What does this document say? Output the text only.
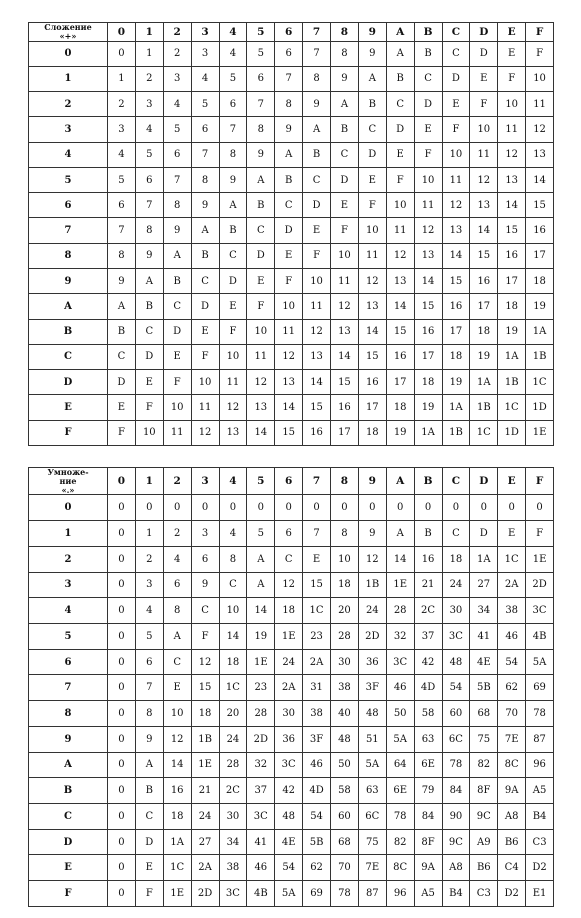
Сложение
«+»	0	1	2	3	4	5	6	7	8	9	A	B	C	D	E	F
0	0	1	2	3	4	5	6	7	8	9	A	B	C	D	E	F
1	1	2	3	4	5	6	7	8	9	A	B	C	D	E	F	10
2	2	3	4	5	6	7	8	9	A	B	C	D	E	F	10	11
3	3	4	5	6	7	8	9	A	B	C	D	E	F	10	11	12
4	4	5	6	7	8	9	A	B	C	D	E	F	10	11	12	13
5	5	6	7	8	9	A	B	C	D	E	F	10	11	12	13	14
6	6	7	8	9	A	B	C	D	E	F	10	11	12	13	14	15
7	7	8	9	A	B	C	D	E	F	10	11	12	13	14	15	16
8	8	9	A	B	C	D	E	F	10	11	12	13	14	15	16	17
9	9	A	B	C	D	E	F	10	11	12	13	14	15	16	17	18
A	A	B	C	D	E	F	10	11	12	13	14	15	16	17	18	19
B	B	C	D	E	F	10	11	12	13	14	15	16	17	18	19	1A
C	C	D	E	F	10	11	12	13	14	15	16	17	18	19	1A	1B
D	D	E	F	10	11	12	13	14	15	16	17	18	19	1A	1B	1C
E	E	F	10	11	12	13	14	15	16	17	18	19	1A	1B	1C	1D
F	F	10	11	12	13	14	15	16	17	18	19	1A	1B	1C	1D	1E
Умноже-
ние
«.»	0	1	2	3	4	5	6	7	8	9	A	B	C	D	E	F
0	0	0	0	0	0	0	0	0	0	0	0	0	0	0	0	0
1	0	1	2	3	4	5	6	7	8	9	A	B	C	D	E	F
2	0	2	4	6	8	A	C	E	10	12	14	16	18	1A	1C	1E
3	0	3	6	9	C	A	12	15	18	1B	1E	21	24	27	2A	2D
4	0	4	8	C	10	14	18	1C	20	24	28	2C	30	34	38	3C
5	0	5	A	F	14	19	1E	23	28	2D	32	37	3C	41	46	4B
6	0	6	C	12	18	1E	24	2A	30	36	3C	42	48	4E	54	5A
7	0	7	E	15	1C	23	2A	31	38	3F	46	4D	54	5B	62	69
8	0	8	10	18	20	28	30	38	40	48	50	58	60	68	70	78
9	0	9	12	1B	24	2D	36	3F	48	51	5A	63	6C	75	7E	87
A	0	A	14	1E	28	32	3C	46	50	5A	64	6E	78	82	8C	96
B	0	B	16	21	2C	37	42	4D	58	63	6E	79	84	8F	9A	A5
C	0	C	18	24	30	3C	48	54	60	6C	78	84	90	9C	A8	B4
D	0	D	1A	27	34	41	4E	5B	68	75	82	8F	9C	A9	B6	C3
E	0	E	1C	2A	38	46	54	62	70	7E	8C	9A	A8	B6	C4	D2
F	0	F	1E	2D	3C	4B	5A	69	78	87	96	A5	B4	C3	D2	E1
